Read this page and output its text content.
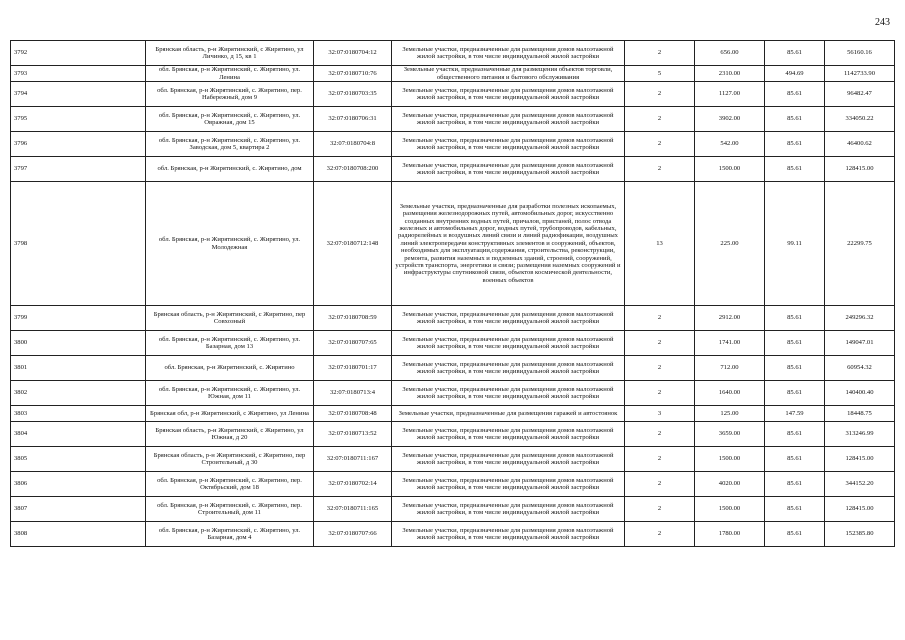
243
3792	Брянская область, р-н Жирятинский, с Жирятино, ул Личинко, д 15, кв 1	32:07:0180704:12	Земельные участки, предназначенные для размещения домов малоэтажной жилой застройки, в том числе индивидуальной жилой застройки	2	656.00	85.61	56160.16
3793	обл. Брянская, р-н Жирятинский, с. Жирятино, ул. Ленина	32:07:0180710:76	Земельные участки, предназначенные для размещения объектов торговли, общественного питания и бытового обслуживания	5	2310.00	494.69	1142733.90
3794	обл. Брянская, р-н Жирятинский, с. Жирятино, пер. Набережный, дом 9	32:07:0180703:35	Земельные участки, предназначенные для размещения домов малоэтажной жилой застройки, в том числе индивидуальной жилой застройки	2	1127.00	85.61	96482.47
3795	обл. Брянская, р-н Жирятинский, с. Жирятино, ул. Овражная, дом 15	32:07:0180706:31	Земельные участки, предназначенные для размещения домов малоэтажной жилой застройки, в том числе индивидуальной жилой застройки	2	3902.00	85.61	334050.22
3796	обл. Брянская, р-н Жирятинский, с. Жирятино, ул. Заводская, дом 5, квартира 2	32:07:0180704:8	Земельные участки, предназначенные для размещения домов малоэтажной жилой застройки, в том числе индивидуальной жилой застройки	2	542.00	85.61	46400.62
3797	обл. Брянская, р-н Жирятинский, с. Жирятино, дом	32:07:0180708:200	Земельные участки, предназначенные для размещения домов малоэтажной жилой застройки, в том числе индивидуальной жилой застройки	2	1500.00	85.61	128415.00
3798	обл. Брянская, р-н Жирятинский, с. Жирятино, ул. Молодежная	32:07:0180712:148	Земельные участки, предназначенные для разработки полезных ископаемых, размещения железнодорожных путей, автомобильных дорог, искусственно созданных внутренних водных путей, причалов, пристаней, полос отвода железных и автомобильных дорог, водных путей, трубопроводов, кабельных, радиорелейных и воздушных линий связи и линий радиофикации, воздушных линий электропередачи конструктивных элементов и сооружений, объектов, необходимых для эксплуатации,содержания, строительства, реконструкции, ремонта, развития наземных и подземных зданий, строений, сооружений, устройств транспорта, энергетики и связи; размещения наземных сооружений и инфраструктуры спутниковой связи, объектов космической деятельности, военных объектов	13	225.00	99.11	22299.75
3799	Брянская область, р-н Жирятинский, с Жирятино, пер Совхозный	32:07:0180708:59	Земельные участки, предназначенные для размещения домов малоэтажной жилой застройки, в том числе индивидуальной жилой застройки	2	2912.00	85.61	249296.32
3800	обл. Брянская, р-н Жирятинский, с. Жирятино, ул. Базарная, дом 13	32:07:0180707:65	Земельные участки, предназначенные для размещения домов малоэтажной жилой застройки, в том числе индивидуальной жилой застройки	2	1741.00	85.61	149047.01
3801	обл. Брянская, р-н Жирятинский, с. Жирятино	32:07:0180701:17	Земельные участки, предназначенные для размещения домов малоэтажной жилой застройки, в том числе индивидуальной жилой застройки	2	712.00	85.61	60954.32
3802	обл. Брянская, р-н Жирятинский, с. Жирятино, ул. Южная, дом 11	32:07:0180713:4	Земельные участки, предназначенные для размещения домов малоэтажной жилой застройки, в том числе индивидуальной жилой застройки	2	1640.00	85.61	140400.40
3803	Брянская обл, р-н Жирятинский, с Жирятино, ул Ленина	32:07:0180708:48	Земельные участки, предназначенные для размещения гаражей и автостоянок	3	125.00	147.59	18448.75
3804	Брянская область, р-н Жирятинский, с Жирятино, ул Южная, д 20	32:07:0180713:52	Земельные участки, предназначенные для размещения домов малоэтажной жилой застройки, в том числе индивидуальной жилой застройки	2	3659.00	85.61	313246.99
3805	Брянская область, р-н Жирятинский, с Жирятино, пер Строительный, д 30	32:07:0180711:167	Земельные участки, предназначенные для размещения домов малоэтажной жилой застройки, в том числе индивидуальной жилой застройки	2	1500.00	85.61	128415.00
3806	обл. Брянская, р-н Жирятинский, с. Жирятино, пер. Октябрьский, дом 18	32:07:0180702:14	Земельные участки, предназначенные для размещения домов малоэтажной жилой застройки, в том числе индивидуальной жилой застройки	2	4020.00	85.61	344152.20
3807	обл. Брянская, р-н Жирятинский, с. Жирятино, пер. Строительный, дом 11	32:07:0180711:165	Земельные участки, предназначенные для размещения домов малоэтажной жилой застройки, в том числе индивидуальной жилой застройки	2	1500.00	85.61	128415.00
3808	обл. Брянская, р-н Жирятинский, с. Жирятино, ул. Базарная, дом 4	32:07:0180707:66	Земельные участки, предназначенные для размещения домов малоэтажной жилой застройки, в том числе индивидуальной жилой застройки	2	1780.00	85.61	152385.80
